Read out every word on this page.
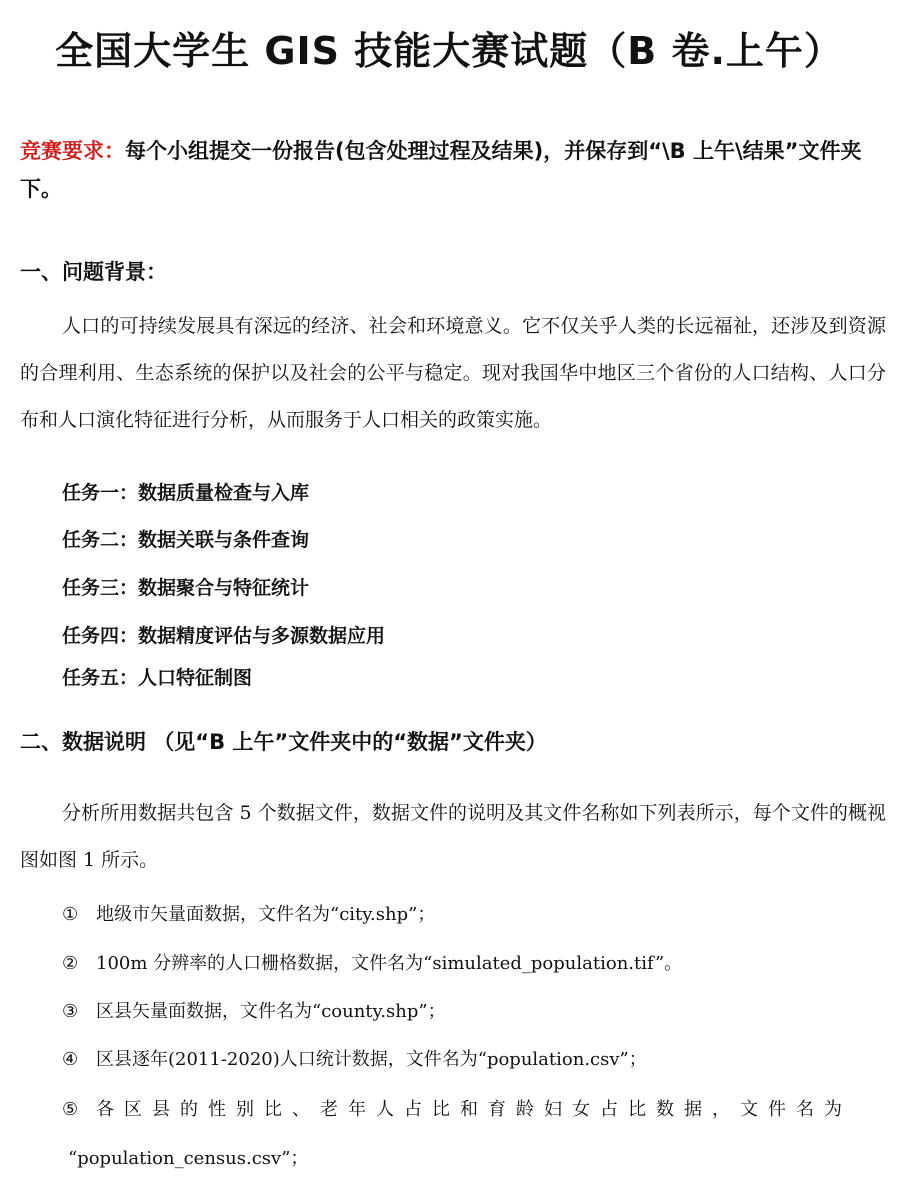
全国大学生 GIS 技能大赛试题（B 卷.上午）
竞赛要求：每个小组提交一份报告(包含处理过程及结果)，并保存到“\B 上午\结果”文件夹下。
一、问题背景：
人口的可持续发展具有深远的经济、社会和环境意义。它不仅关乎人类的长远福祉，还涉及到资源的合理利用、生态系统的保护以及社会的公平与稳定。现对我国华中地区三个省份的人口结构、人口分布和人口演化特征进行分析，从而服务于人口相关的政策实施。
任务一：数据质量检查与入库
任务二：数据关联与条件查询
任务三：数据聚合与特征统计
任务四：数据精度评估与多源数据应用
任务五：人口特征制图
二、数据说明 （见“B 上午”文件夹中的“数据”文件夹）
分析所用数据共包含 5 个数据文件，数据文件的说明及其文件名称如下列表所示，每个文件的概视图如图 1 所示。
① 地级市矢量面数据，文件名为“city.shp”；
② 100m 分辨率的人口栅格数据，文件名为“simulated_population.tif”。
③ 区县矢量面数据，文件名为“county.shp”；
④ 区县逐年(2011-2020)人口统计数据，文件名为“population.csv”；
⑤ 各区县的性别比、老年人占比和育龄妇女占比数据，文件名为
“population_census.csv”；
